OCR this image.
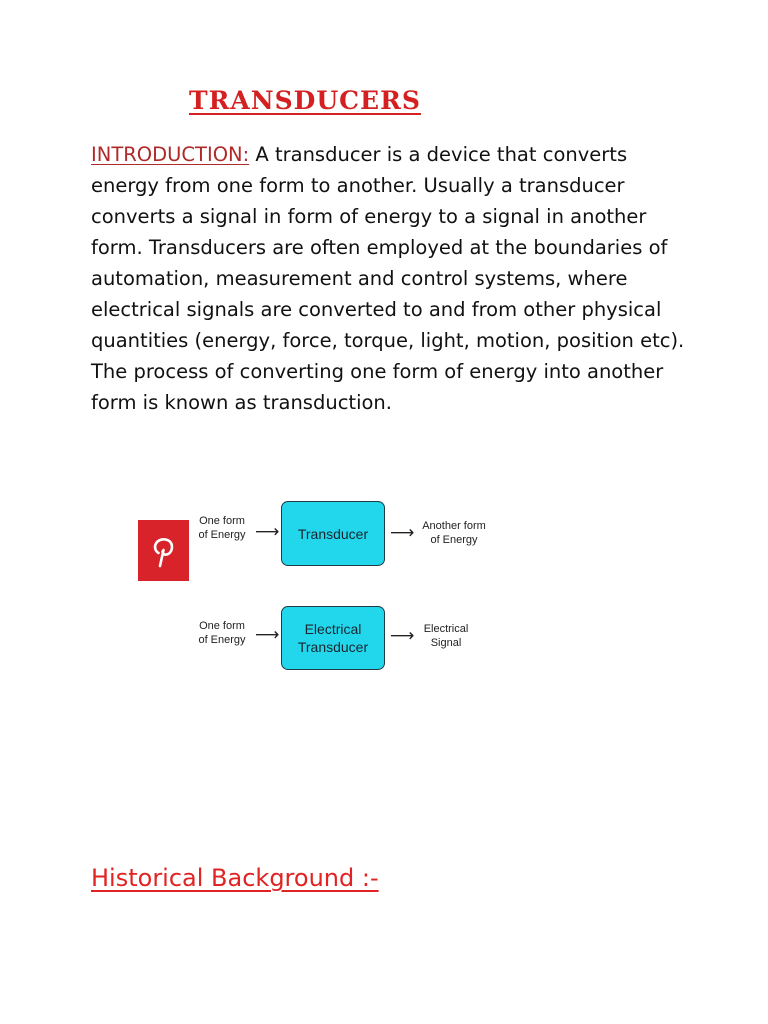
TRANSDUCERS

INTRODUCTION: A transducer is a device that converts energy from one form to another. Usually a transducer converts a signal in form of energy to a signal in another form. Transducers are often employed at the boundaries of automation, measurement and control systems, where electrical signals are converted to and from other physical quantities (energy, force, torque, light, motion, position etc). The process of converting one form of energy into another form is known as transduction.

One form
of Energy ⟶ Transducer ⟶ Another form
of Energy
One form
of Energy ⟶	Electrical
Transducer
⟶ Electrical
Signal
Historical Background :-
